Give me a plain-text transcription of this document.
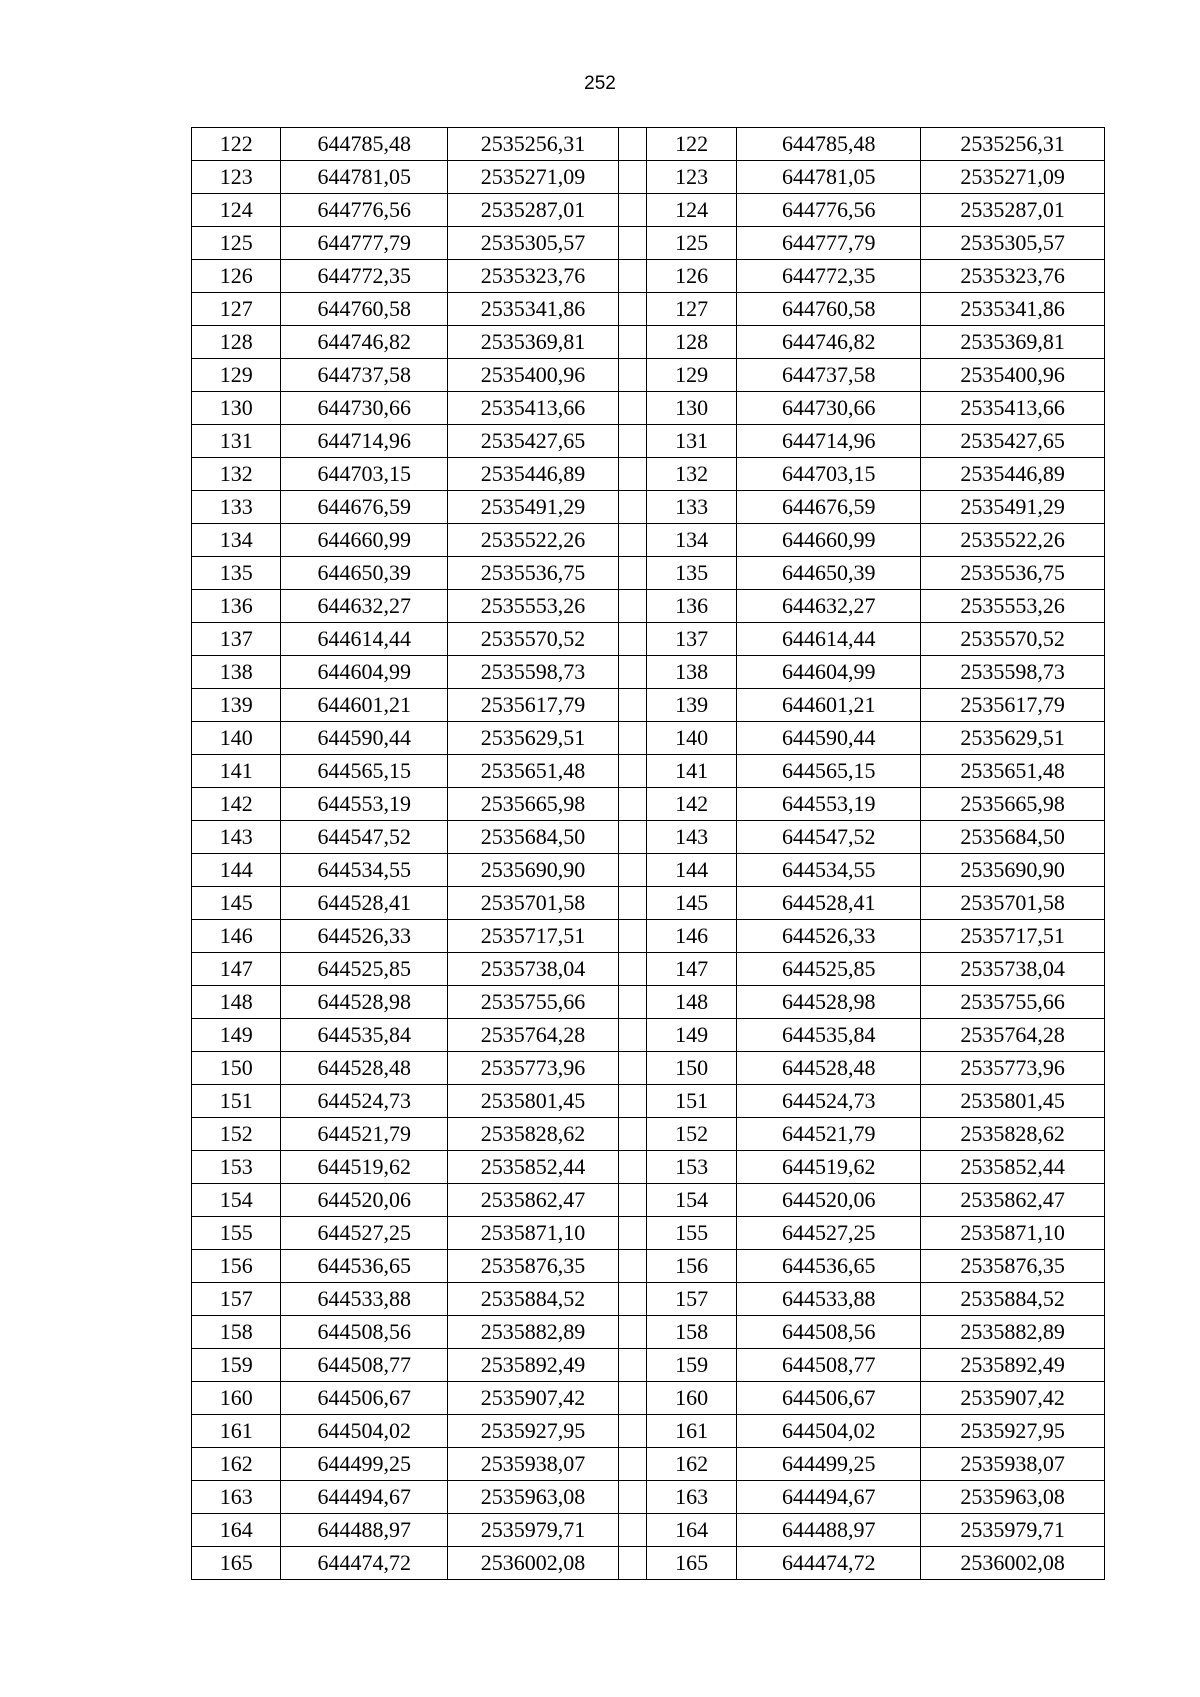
252
122	644785,48	2535256,31		122	644785,48	2535256,31
123	644781,05	2535271,09		123	644781,05	2535271,09
124	644776,56	2535287,01		124	644776,56	2535287,01
125	644777,79	2535305,57		125	644777,79	2535305,57
126	644772,35	2535323,76		126	644772,35	2535323,76
127	644760,58	2535341,86		127	644760,58	2535341,86
128	644746,82	2535369,81		128	644746,82	2535369,81
129	644737,58	2535400,96		129	644737,58	2535400,96
130	644730,66	2535413,66		130	644730,66	2535413,66
131	644714,96	2535427,65		131	644714,96	2535427,65
132	644703,15	2535446,89		132	644703,15	2535446,89
133	644676,59	2535491,29		133	644676,59	2535491,29
134	644660,99	2535522,26		134	644660,99	2535522,26
135	644650,39	2535536,75		135	644650,39	2535536,75
136	644632,27	2535553,26		136	644632,27	2535553,26
137	644614,44	2535570,52		137	644614,44	2535570,52
138	644604,99	2535598,73		138	644604,99	2535598,73
139	644601,21	2535617,79		139	644601,21	2535617,79
140	644590,44	2535629,51		140	644590,44	2535629,51
141	644565,15	2535651,48		141	644565,15	2535651,48
142	644553,19	2535665,98		142	644553,19	2535665,98
143	644547,52	2535684,50		143	644547,52	2535684,50
144	644534,55	2535690,90		144	644534,55	2535690,90
145	644528,41	2535701,58		145	644528,41	2535701,58
146	644526,33	2535717,51		146	644526,33	2535717,51
147	644525,85	2535738,04		147	644525,85	2535738,04
148	644528,98	2535755,66		148	644528,98	2535755,66
149	644535,84	2535764,28		149	644535,84	2535764,28
150	644528,48	2535773,96		150	644528,48	2535773,96
151	644524,73	2535801,45		151	644524,73	2535801,45
152	644521,79	2535828,62		152	644521,79	2535828,62
153	644519,62	2535852,44		153	644519,62	2535852,44
154	644520,06	2535862,47		154	644520,06	2535862,47
155	644527,25	2535871,10		155	644527,25	2535871,10
156	644536,65	2535876,35		156	644536,65	2535876,35
157	644533,88	2535884,52		157	644533,88	2535884,52
158	644508,56	2535882,89		158	644508,56	2535882,89
159	644508,77	2535892,49		159	644508,77	2535892,49
160	644506,67	2535907,42		160	644506,67	2535907,42
161	644504,02	2535927,95		161	644504,02	2535927,95
162	644499,25	2535938,07		162	644499,25	2535938,07
163	644494,67	2535963,08		163	644494,67	2535963,08
164	644488,97	2535979,71		164	644488,97	2535979,71
165	644474,72	2536002,08		165	644474,72	2536002,08
